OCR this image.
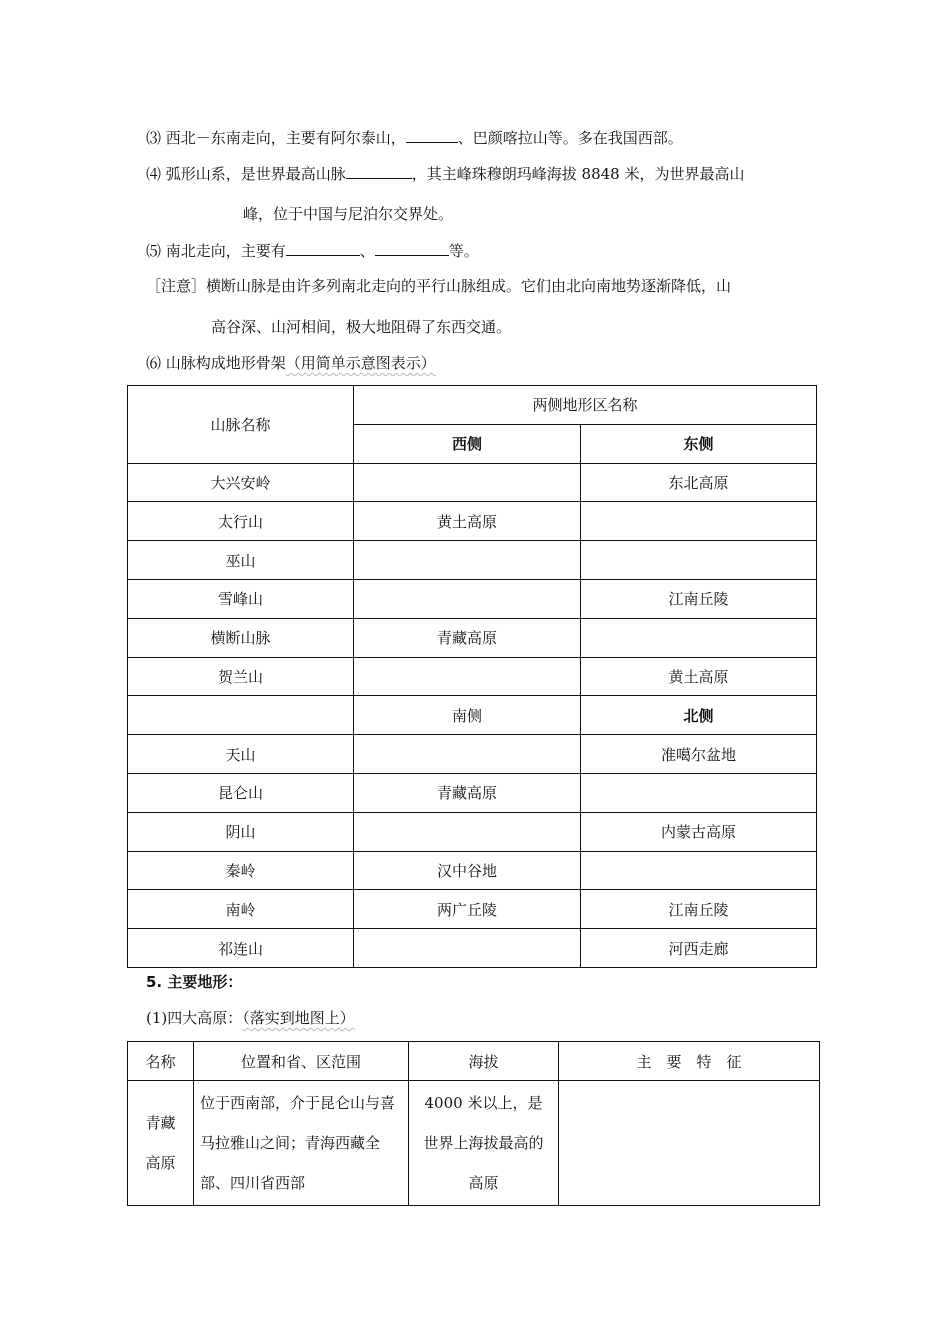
⑶ 西北－东南走向，主要有阿尔泰山，	、巴颜喀拉山等。多在我国西部。
⑷ 弧形山系，是世界最高山脉	，其主峰珠穆朗玛峰海拔 8848 米，为世界最高山
峰，位于中国与尼泊尔交界处。
⑸ 南北走向，主要有	、	等。
［注意］横断山脉是由许多列南北走向的平行山脉组成。它们由北向南地势逐渐降低，山
高谷深、山河相间，极大地阻碍了东西交通。
⑹ 山脉构成地形骨架（用简单示意图表示）
山脉名称	两侧地形区名称	
	西侧	东侧
大兴安岭		东北高原
太行山	黄土高原	
巫山		
雪峰山		江南丘陵
横断山脉	青藏高原	
贺兰山		黄土高原
	南侧	北侧
天山		准噶尔盆地
昆仑山	青藏高原	
阴山		内蒙古高原
秦岭	汉中谷地	
南岭	两广丘陵	江南丘陵
祁连山		河西走廊
5. 主要地形：
(1)四大高原：（落实到地图上）
名称	位置和省、区范围	海拔	主　要　特　征
青藏
高原	位于西南部，介于昆仑山与喜马拉雅山之间；青海西藏全部、四川省西部	4000 米以上，是世界上海拔最高的高原	
